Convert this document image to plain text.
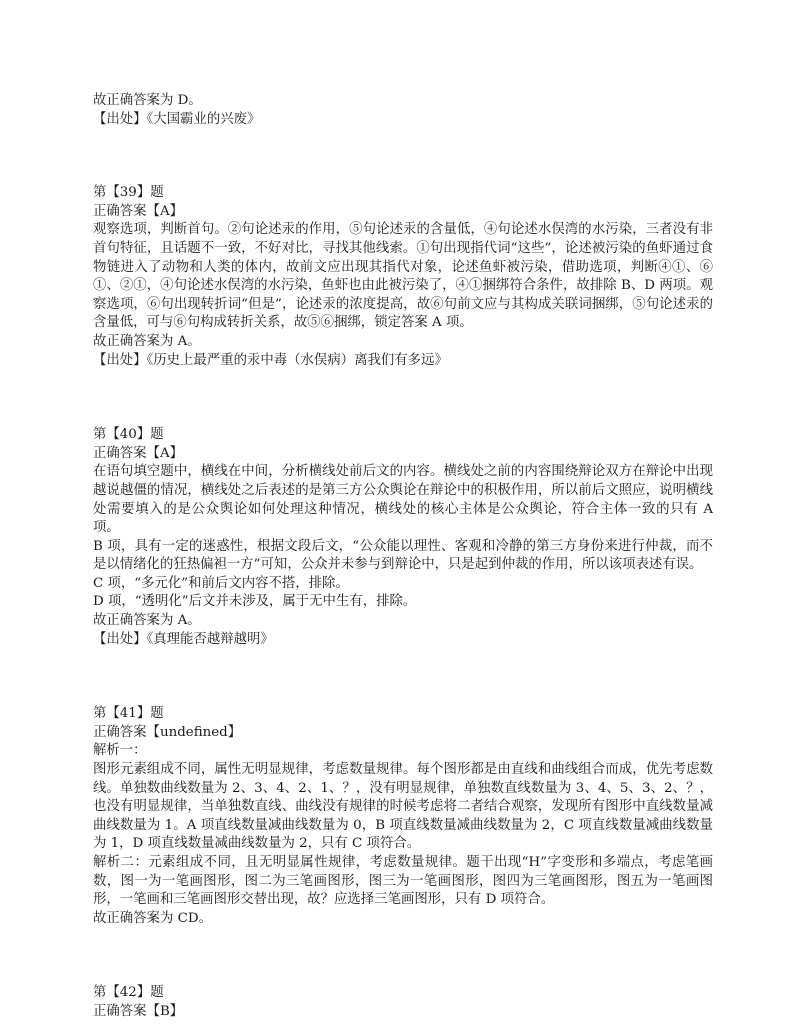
故正确答案为 D。
【出处】《大国霸业的兴废》
第【39】题
正确答案【A】
观察选项，判断首句。②句论述汞的作用，⑤句论述汞的含量低，④句论述水俣湾的水污染，三者没有非首句特征，且话题不一致，不好对比，寻找其他线索。①句出现指代词“这些”，论述被污染的鱼虾通过食物链进入了动物和人类的体内，故前文应出现其指代对象，论述鱼虾被污染，借助选项，判断④①、⑥①、②①，④句论述水俣湾的水污染，鱼虾也由此被污染了，④①捆绑符合条件，故排除 B、D 两项。观察选项，⑥句出现转折词“但是”，论述汞的浓度提高，故⑥句前文应与其构成关联词捆绑，⑤句论述汞的含量低，可与⑥句构成转折关系，故⑤⑥捆绑，锁定答案 A 项。
故正确答案为 A。
【出处】《历史上最严重的汞中毒（水俣病）离我们有多远》
第【40】题
正确答案【A】
在语句填空题中，横线在中间，分析横线处前后文的内容。横线处之前的内容围绕辩论双方在辩论中出现越说越僵的情况，横线处之后表述的是第三方公众舆论在辩论中的积极作用，所以前后文照应，说明横线处需要填入的是公众舆论如何处理这种情况，横线处的核心主体是公众舆论，符合主体一致的只有 A 项。
B 项，具有一定的迷惑性，根据文段后文，“公众能以理性、客观和冷静的第三方身份来进行仲裁，而不是以情绪化的狂热偏袒一方”可知，公众并未参与到辩论中，只是起到仲裁的作用，所以该项表述有误。
C 项，“多元化”和前后文内容不搭，排除。
D 项，“透明化”后文并未涉及，属于无中生有，排除。
故正确答案为 A。
【出处】《真理能否越辩越明》
第【41】题
正确答案【undefined】
解析一：
图形元素组成不同，属性无明显规律，考虑数量规律。每个图形都是由直线和曲线组合而成，优先考虑数线。单独数曲线数量为 2、3、4、2、1、？，没有明显规律，单独数直线数量为 3、4、5、3、2、？，也没有明显规律，当单独数直线、曲线没有规律的时候考虑将二者结合观察，发现所有图形中直线数量减曲线数量为 1。A 项直线数量减曲线数量为 0，B 项直线数量减曲线数量为 2，C 项直线数量减曲线数量为 1，D 项直线数量减曲线数量为 2，只有 C 项符合。
解析二：元素组成不同，且无明显属性规律，考虑数量规律。题干出现“H”字变形和多端点，考虑笔画数，图一为一笔画图形，图二为三笔画图形，图三为一笔画图形，图四为三笔画图形，图五为一笔画图形，一笔画和三笔画图形交替出现，故？应选择三笔画图形，只有 D 项符合。
故正确答案为 CD。
第【42】题
正确答案【B】
